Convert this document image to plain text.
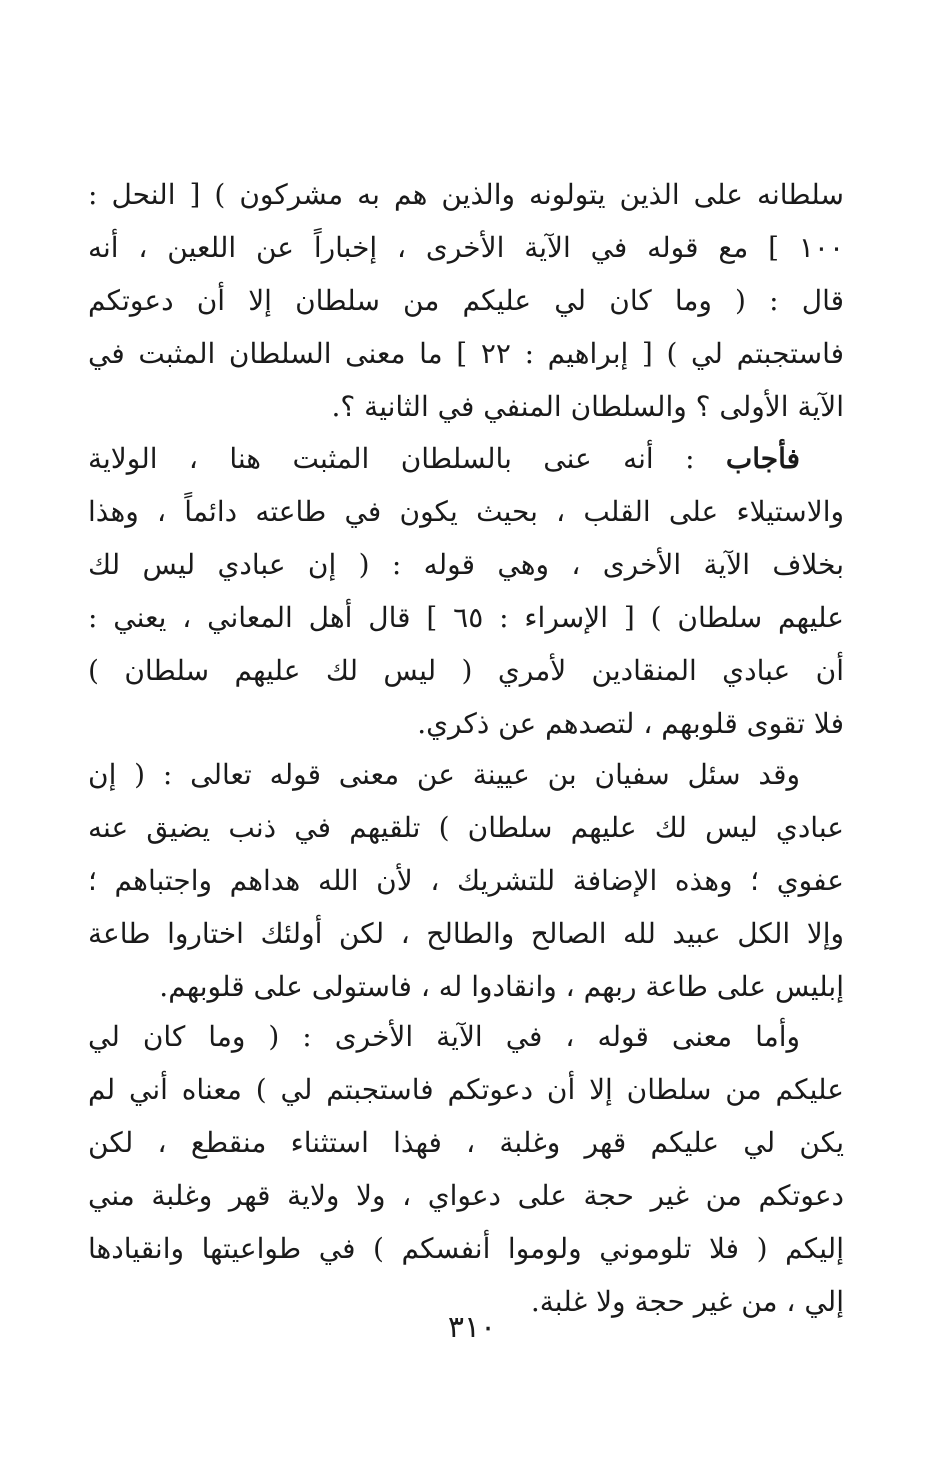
سلطانه على الذين يتولونه والذين هم به مشركون ) [ النحل :
١٠٠ ] مع قوله في الآية الأخرى ، إخباراً عن اللعين ، أنه
قال : ( وما كان لي عليكم من سلطان إلا أن دعوتكم
فاستجبتم لي ) [ إبراهيم : ٢٢ ] ما معنى السلطان المثبت في
الآية الأولى ؟ والسلطان المنفي في الثانية ؟.
فأجاب : أنه عنى بالسلطان المثبت هنا ، الولاية
والاستيلاء على القلب ، بحيث يكون في طاعته دائماً ، وهذا
بخلاف الآية الأخرى ، وهي قوله : ( إن عبادي ليس لك
عليهم سلطان ) [ الإسراء : ٦٥ ] قال أهل المعاني ، يعني :
أن عبادي المنقادين لأمري ( ليس لك عليهم سلطان )
فلا تقوى قلوبهم ، لتصدهم عن ذكري.
وقد سئل سفيان بن عيينة عن معنى قوله تعالى : ( إن
عبادي ليس لك عليهم سلطان ) تلقيهم في ذنب يضيق عنه
عفوي ؛ وهذه الإضافة للتشريك ، لأن الله هداهم واجتباهم ؛
وإلا الكل عبيد لله الصالح والطالح ، لكن أولئك اختاروا طاعة
إبليس على طاعة ربهم ، وانقادوا له ، فاستولى على قلوبهم.
وأما معنى قوله ، في الآية الأخرى : ( وما كان لي
عليكم من سلطان إلا أن دعوتكم فاستجبتم لي ) معناه أني لم
يكن لي عليكم قهر وغلبة ، فهذا استثناء منقطع ، لكن
دعوتكم من غير حجة على دعواي ، ولا ولاية قهر وغلبة مني
إليكم ( فلا تلوموني ولوموا أنفسكم ) في طواعيتها وانقيادها
إلي ، من غير حجة ولا غلبة.
٣١٠
